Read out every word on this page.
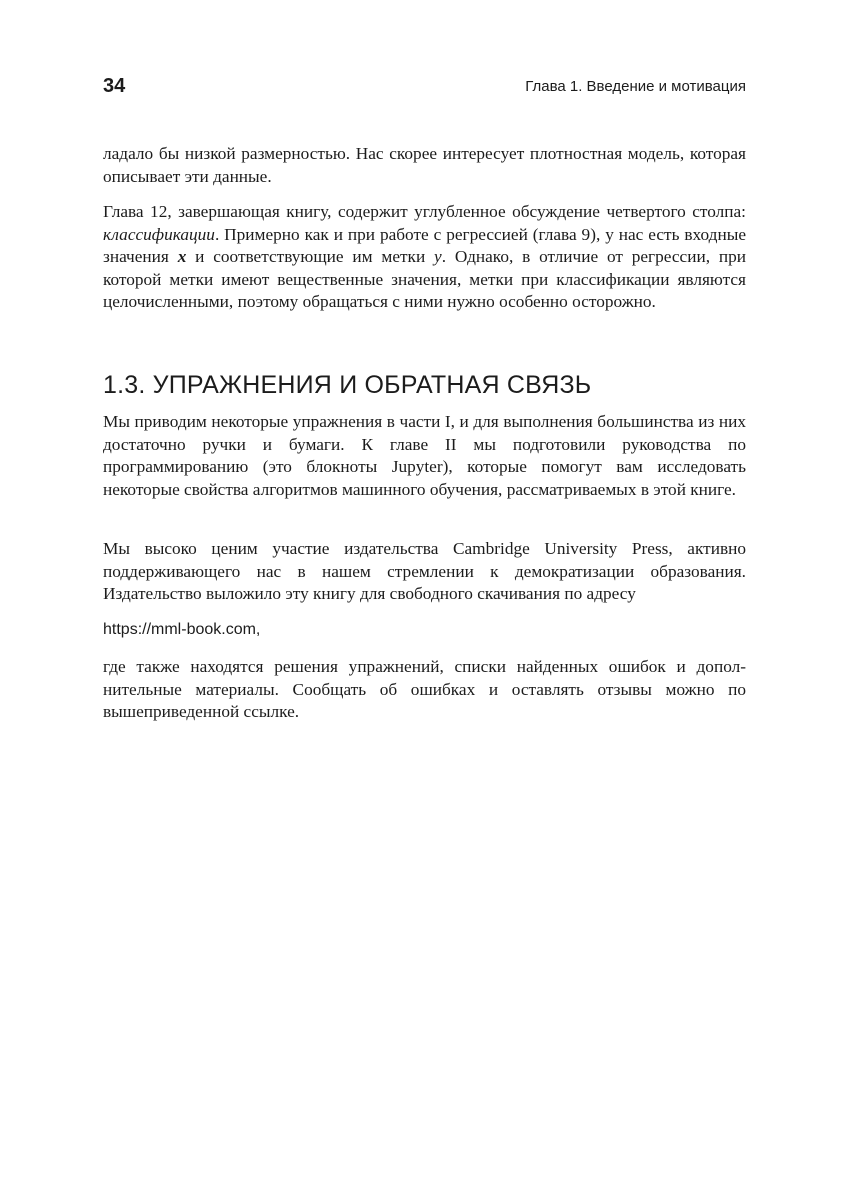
34	Глава 1. Введение и мотивация

ладало бы низкой размерностью. Нас скорее интересует плотностная модель, которая описывает эти данные.

Глава 12, завершающая книгу, содержит углубленное обсуждение четвертого столпа: классификации. Примерно как и при работе с регрессией (глава 9), у нас есть входные значения x и соответствующие им метки y. Однако, в отличие от регрессии, при которой метки имеют вещественные значения, метки при классификации являются целочисленными, поэтому обращаться с ними нужно особенно осторожно.

1.3. УПРАЖНЕНИЯ И ОБРАТНАЯ СВЯЗЬ

Мы приводим некоторые упражнения в части I, и для выполнения большинства из них достаточно ручки и бумаги. К главе II мы подготовили руководства по программированию (это блокноты Jupyter), которые помогут вам исследовать некоторые свойства алгоритмов машинного обучения, рассматриваемых в этой книге.

Мы высоко ценим участие издательства Cambridge University Press, активно поддерживающего нас в нашем стремлении к демократизации образования. Издательство выложило эту книгу для свободного скачивания по адресу

https://mml-book.com,

где также находятся решения упражнений, списки найденных ошибок и дополнительные материалы. Сообщать об ошибках и оставлять отзывы можно по вышеприведенной ссылке.
